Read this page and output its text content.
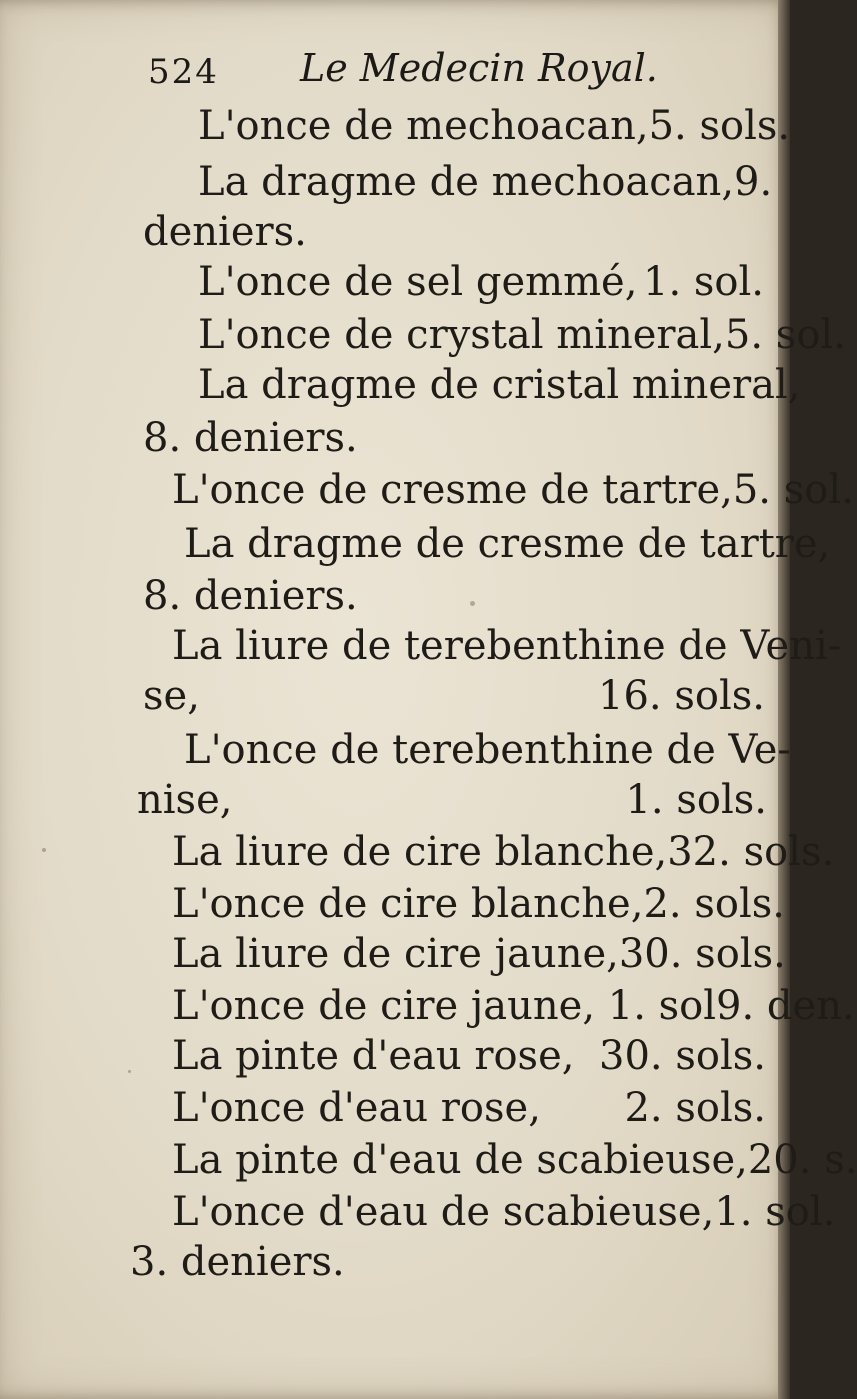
524 Le Medecin Royal.
L'once de mechoacan, 5. sols.
La dragme de mechoacan, 9.
deniers.
L'once de sel gemmé, 1. sol.
L'once de crystal mineral, 5. sol.
La dragme de cristal mineral,
8. deniers.
L'once de cresme de tartre, 5. sol.
La dragme de cresme de tartre,
8. deniers.
La liure de terebenthine de Veni-
se,	16. sols.
L'once de terebenthine de Ve-
nise,	1. sols.
La liure de cire blanche, 32. sols.
L'once de cire blanche, 2. sols.
La liure de cire jaune, 30. sols.
L'once de cire jaune, 1. sol 9. den.
La pinte d'eau rose, 30. sols.
L'once d'eau rose, 2. sols.
La pinte d'eau de scabieuse, 20. s.
L'once d'eau de scabieuse, 1. sol.
3. deniers.
